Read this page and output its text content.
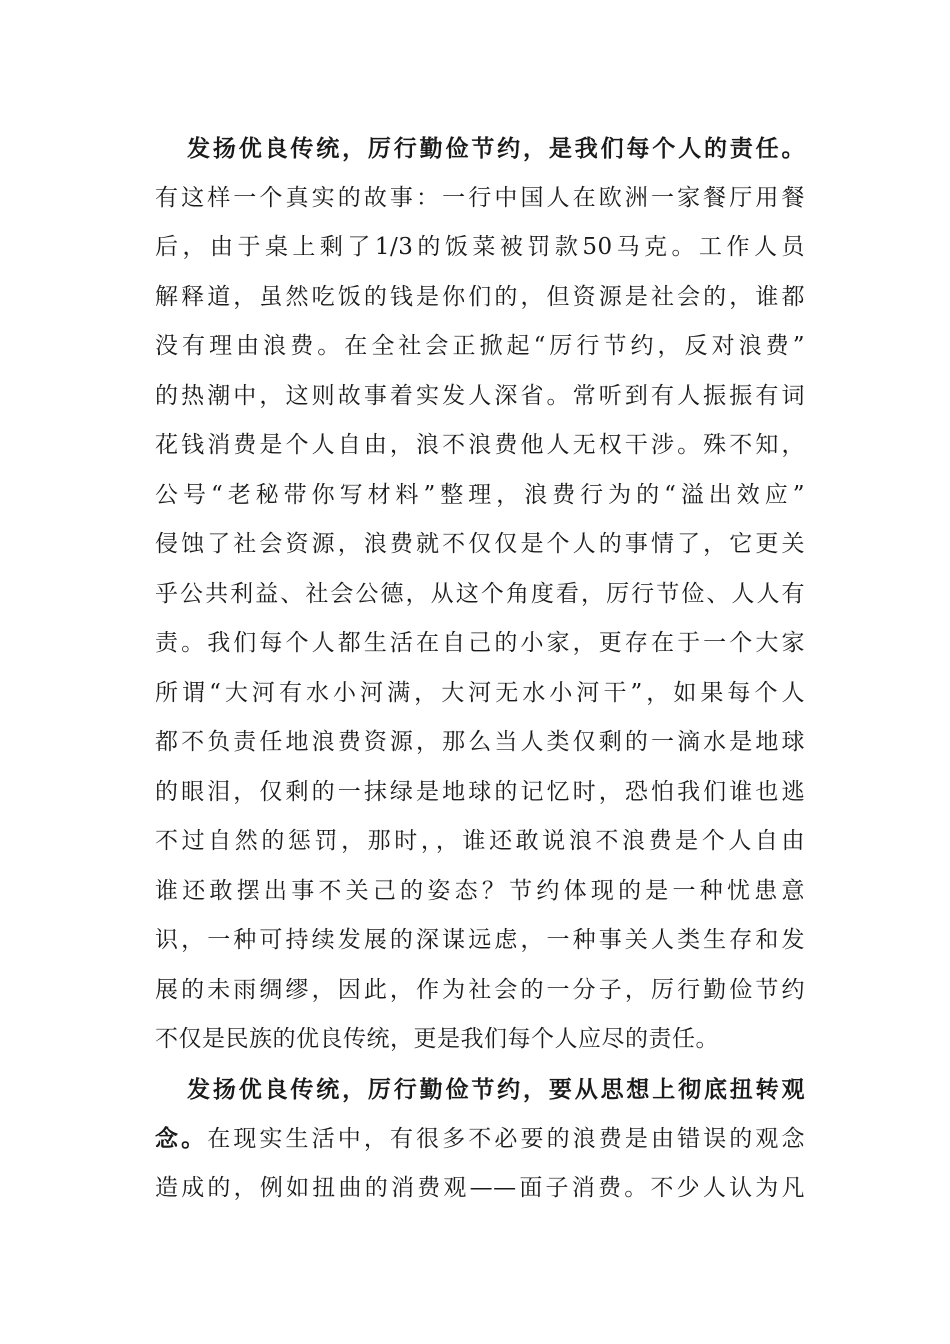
发扬优良传统，厉行勤俭节约，是我们每个人的责任。
有这样一个真实的故事：一行中国人在欧洲一家餐厅用餐
后，由于桌上剩了1/3的饭菜被罚款50马克。工作人员
解释道，虽然吃饭的钱是你们的，但资源是社会的，谁都
没有理由浪费。在全社会正掀起“厉行节约，反对浪费”
的热潮中，这则故事着实发人深省。常听到有人振振有词
花钱消费是个人自由，浪不浪费他人无权干涉。殊不知，
公号“老秘带你写材料”整理，浪费行为的“溢出效应”
侵蚀了社会资源，浪费就不仅仅是个人的事情了，它更关
乎公共利益、社会公德，从这个角度看，厉行节俭、人人有
责。我们每个人都生活在自己的小家，更存在于一个大家
所谓“大河有水小河满，大河无水小河干”，如果每个人
都不负责任地浪费资源，那么当人类仅剩的一滴水是地球
的眼泪，仅剩的一抹绿是地球的记忆时，恐怕我们谁也逃
不过自然的惩罚，那时，，谁还敢说浪不浪费是个人自由
谁还敢摆出事不关己的姿态？节约体现的是一种忧患意
识，一种可持续发展的深谋远虑，一种事关人类生存和发
展的未雨绸缪，因此，作为社会的一分子，厉行勤俭节约
不仅是民族的优良传统，更是我们每个人应尽的责任。
发扬优良传统，厉行勤俭节约，要从思想上彻底扭转观
念。在现实生活中，有很多不必要的浪费是由错误的观念
造成的，例如扭曲的消费观——面子消费。不少人认为凡
